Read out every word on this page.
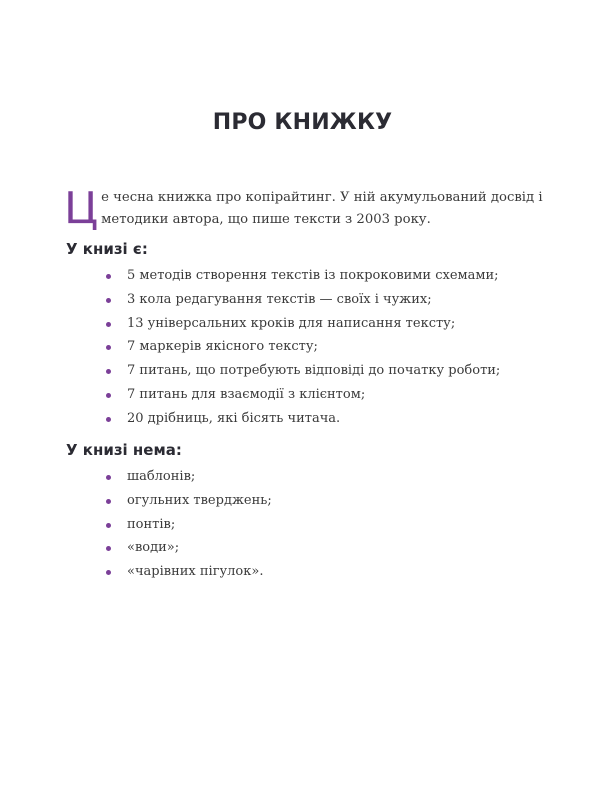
ПРО КНИЖКУ

Це чесна книжка про копірайтинг. У ній акумульований досвід і методики автора, що пише тексти з 2003 року.

У книзі є:
5 методів створення текстів із покроковими схемами;
3 кола редагування текстів — своїх і чужих;
13 універсальних кроків для написання тексту;
7 маркерів якісного тексту;
7 питань, що потребують відповіді до початку роботи;
7 питань для взаємодії з клієнтом;
20 дрібниць, які бісять читача.
У книзі нема:
шаблонів;
огульних тверджень;
понтів;
«води»;
«чарівних пігулок».
